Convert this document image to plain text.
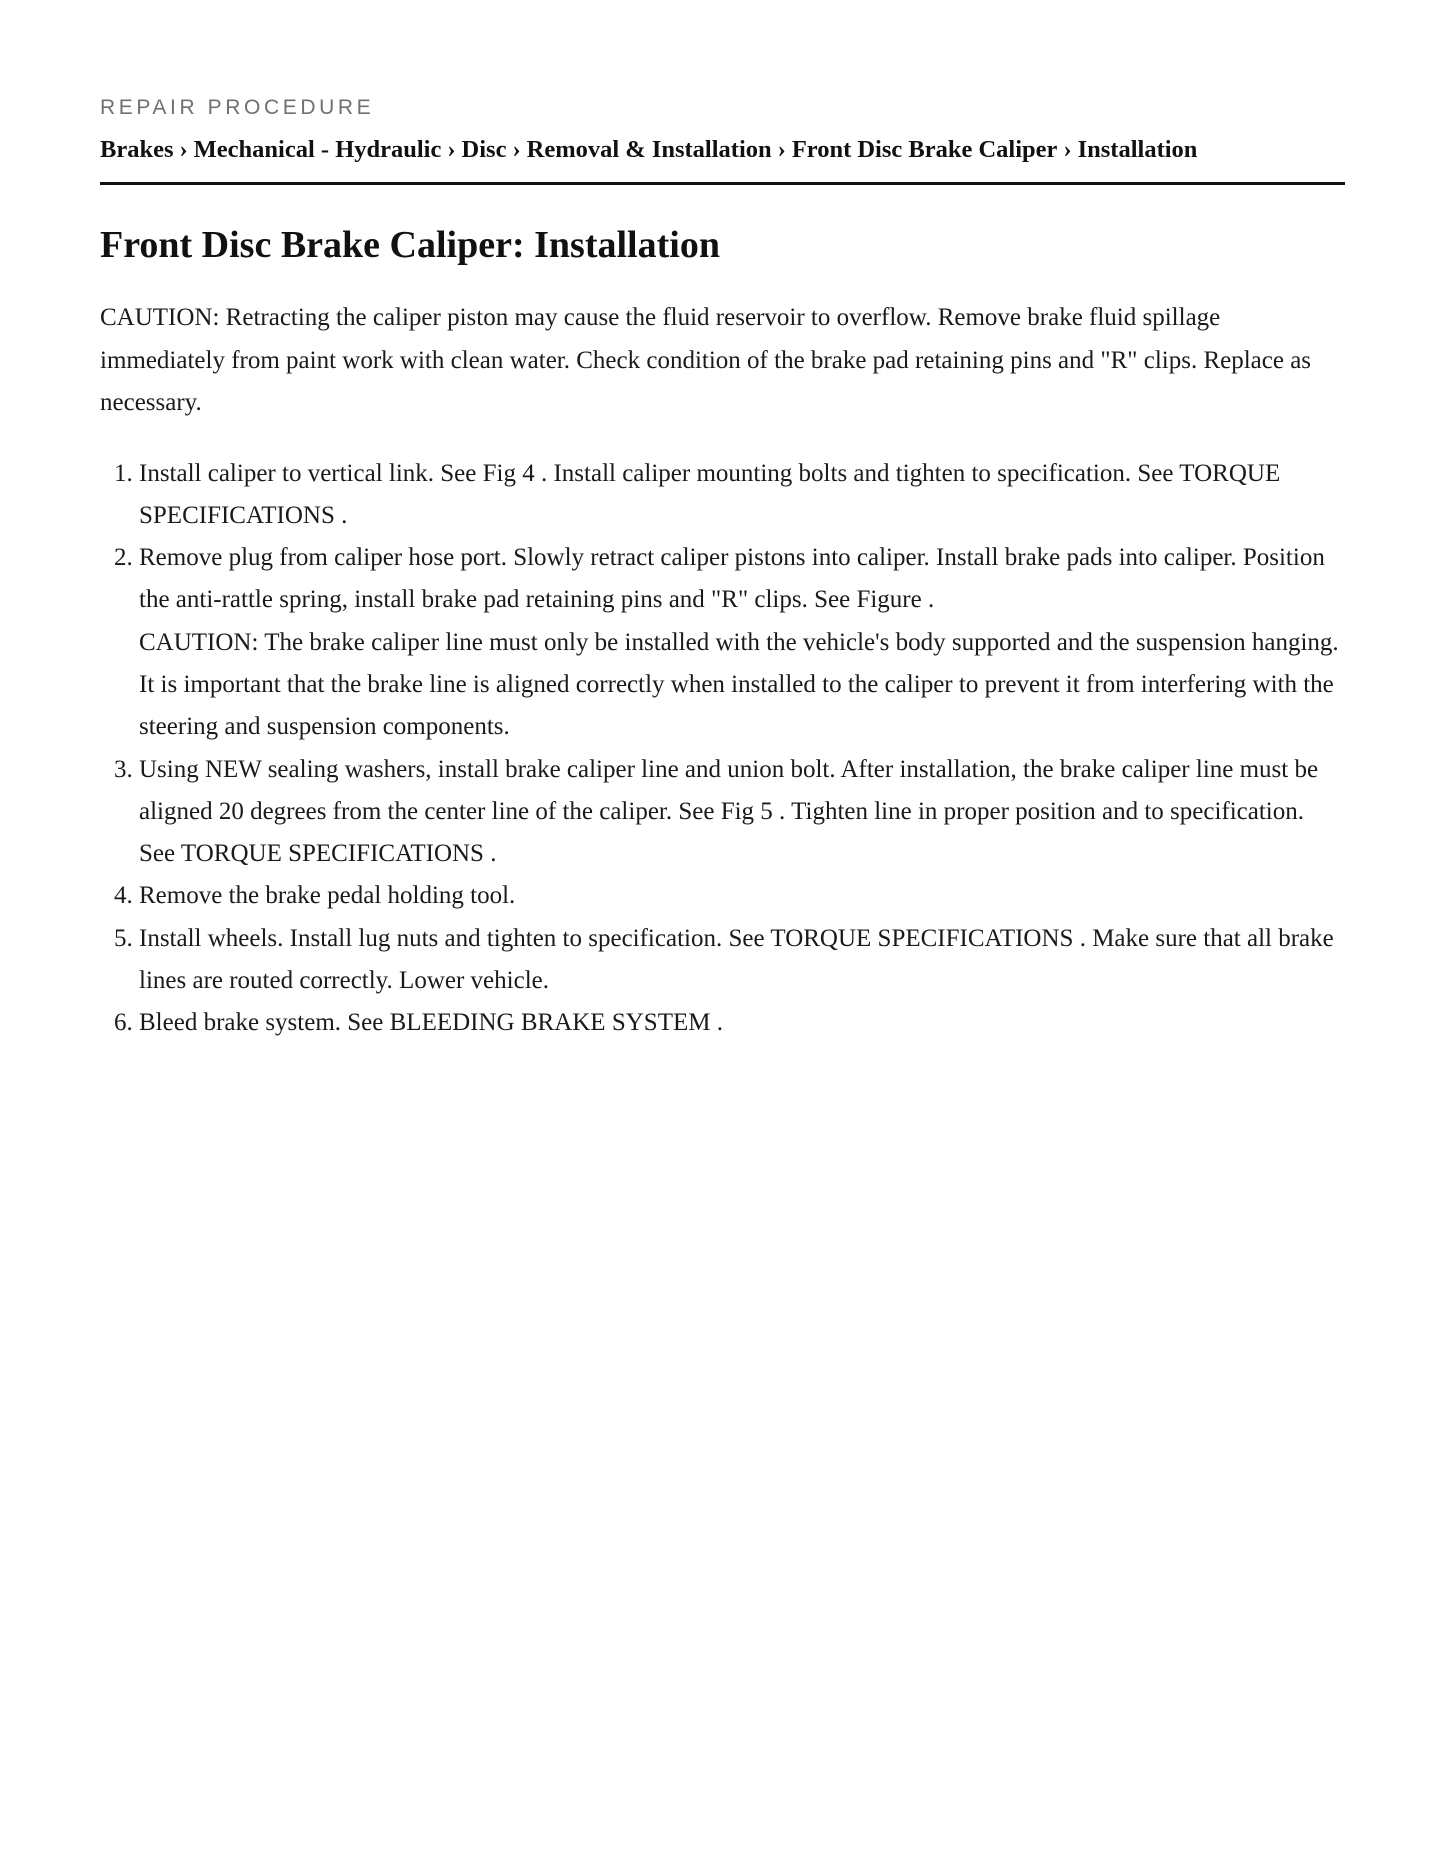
REPAIR PROCEDURE

Brakes › Mechanical - Hydraulic › Disc › Removal & Installation › Front Disc Brake Caliper › Installation
Front Disc Brake Caliper: Installation

CAUTION: Retracting the caliper piston may cause the fluid reservoir to overflow. Remove brake fluid spillage immediately from paint work with clean water. Check condition of the brake pad retaining pins and "R" clips. Replace as necessary.

1. Install caliper to vertical link. See Fig 4 . Install caliper mounting bolts and tighten to specification. See TORQUE SPECIFICATIONS .
2. Remove plug from caliper hose port. Slowly retract caliper pistons into caliper. Install brake pads into caliper. Position the anti-rattle spring, install brake pad retaining pins and "R" clips. See Figure .
CAUTION: The brake caliper line must only be installed with the vehicle's body supported and the suspension hanging. It is important that the brake line is aligned correctly when installed to the caliper to prevent it from interfering with the steering and suspension components.
3. Using NEW sealing washers, install brake caliper line and union bolt. After installation, the brake caliper line must be aligned 20 degrees from the center line of the caliper. See Fig 5 . Tighten line in proper position and to specification. See TORQUE SPECIFICATIONS .
4. Remove the brake pedal holding tool.
5. Install wheels. Install lug nuts and tighten to specification. See TORQUE SPECIFICATIONS . Make sure that all brake lines are routed correctly. Lower vehicle.
6. Bleed brake system. See BLEEDING BRAKE SYSTEM .
